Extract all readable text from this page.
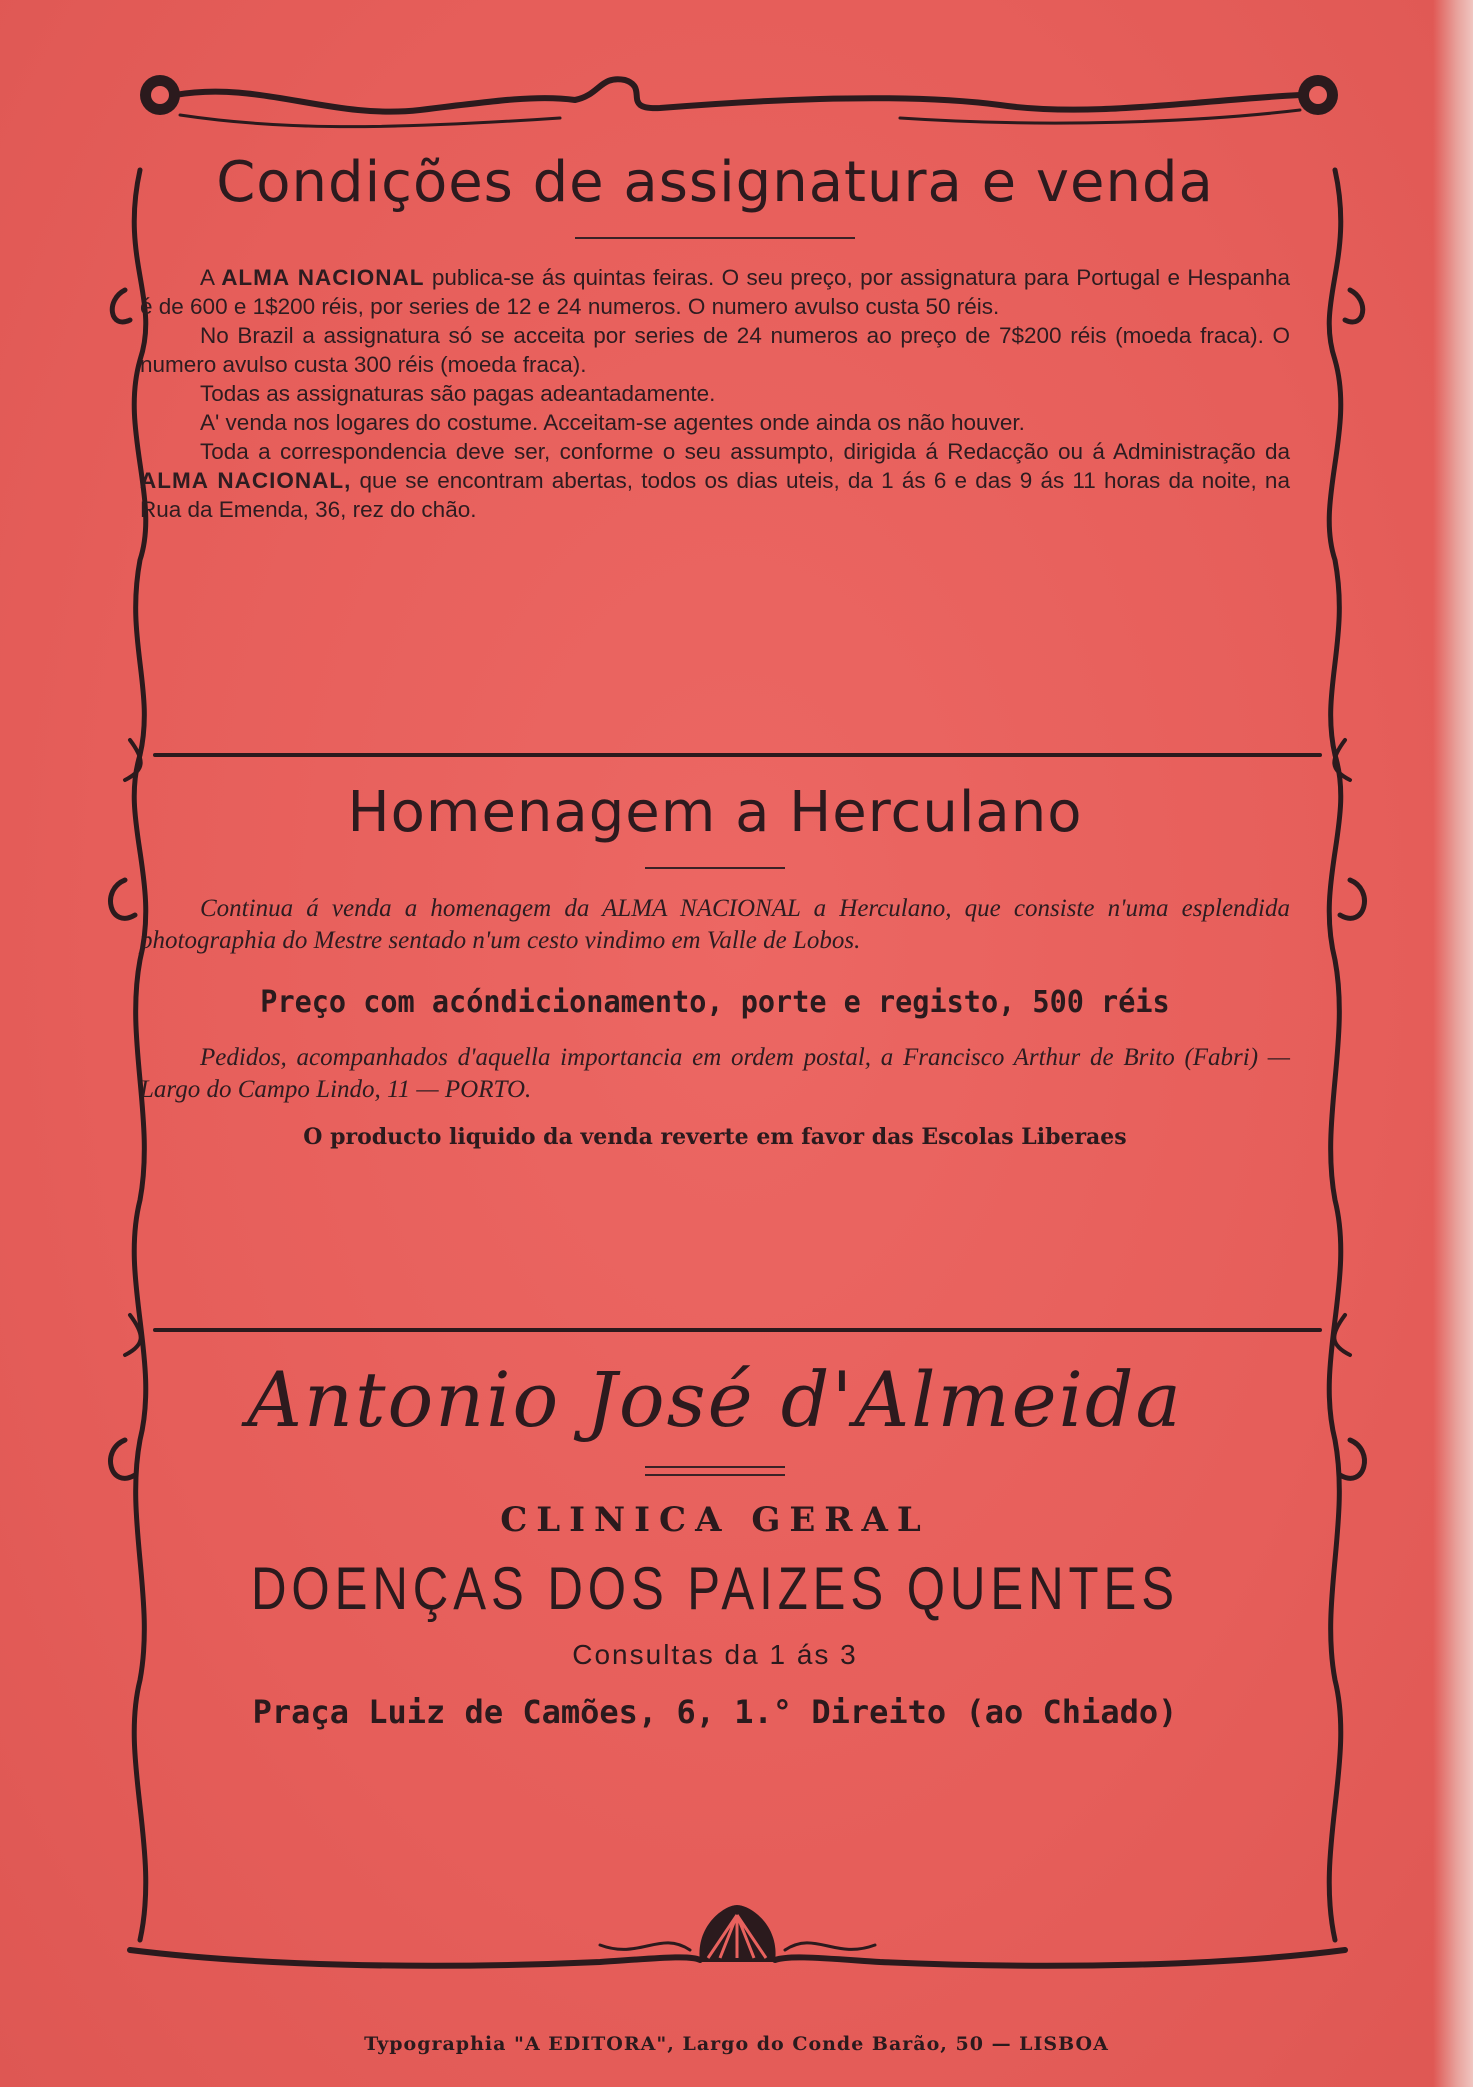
Condições de assignatura e venda

A ALMA NACIONAL publica-se ás quintas feiras. O seu preço, por assignatura para Portugal e Hespanha é de 600 e 1$200 réis, por series de 12 e 24 numeros. O numero avulso custa 50 réis.

No Brazil a assignatura só se acceita por series de 24 numeros ao preço de 7$200 réis (moeda fraca). O numero avulso custa 300 réis (moeda fraca).

Todas as assignaturas são pagas adeantadamente.

A' venda nos logares do costume. Acceitam-se agentes onde ainda os não houver.

Toda a correspondencia deve ser, conforme o seu assumpto, dirigida á Redacção ou á Administração da ALMA NACIONAL, que se encontram abertas, todos os dias uteis, da 1 ás 6 e das 9 ás 11 horas da noite, na Rua da Emenda, 36, rez do chão.

Homenagem a Herculano

Continua á venda a homenagem da ALMA NACIONAL a Herculano, que consiste n'uma esplendida photographia do Mestre sentado n'um cesto vindimo em Valle de Lobos.

Preço com acóndicionamento, porte e registo, 500 réis

Pedidos, acompanhados d'aquella importancia em ordem postal, a Francisco Arthur de Brito (Fabri) — Largo do Campo Lindo, 11 — PORTO.

O producto liquido da venda reverte em favor das Escolas Liberaes
Antonio José d'Almeida
CLINICA GERAL
DOENÇAS DOS PAIZES QUENTES
Consultas da 1 ás 3
Praça Luiz de Camões, 6, 1.° Direito (ao Chiado)
Typographia "A EDITORA", Largo do Conde Barão, 50 — LISBOA
